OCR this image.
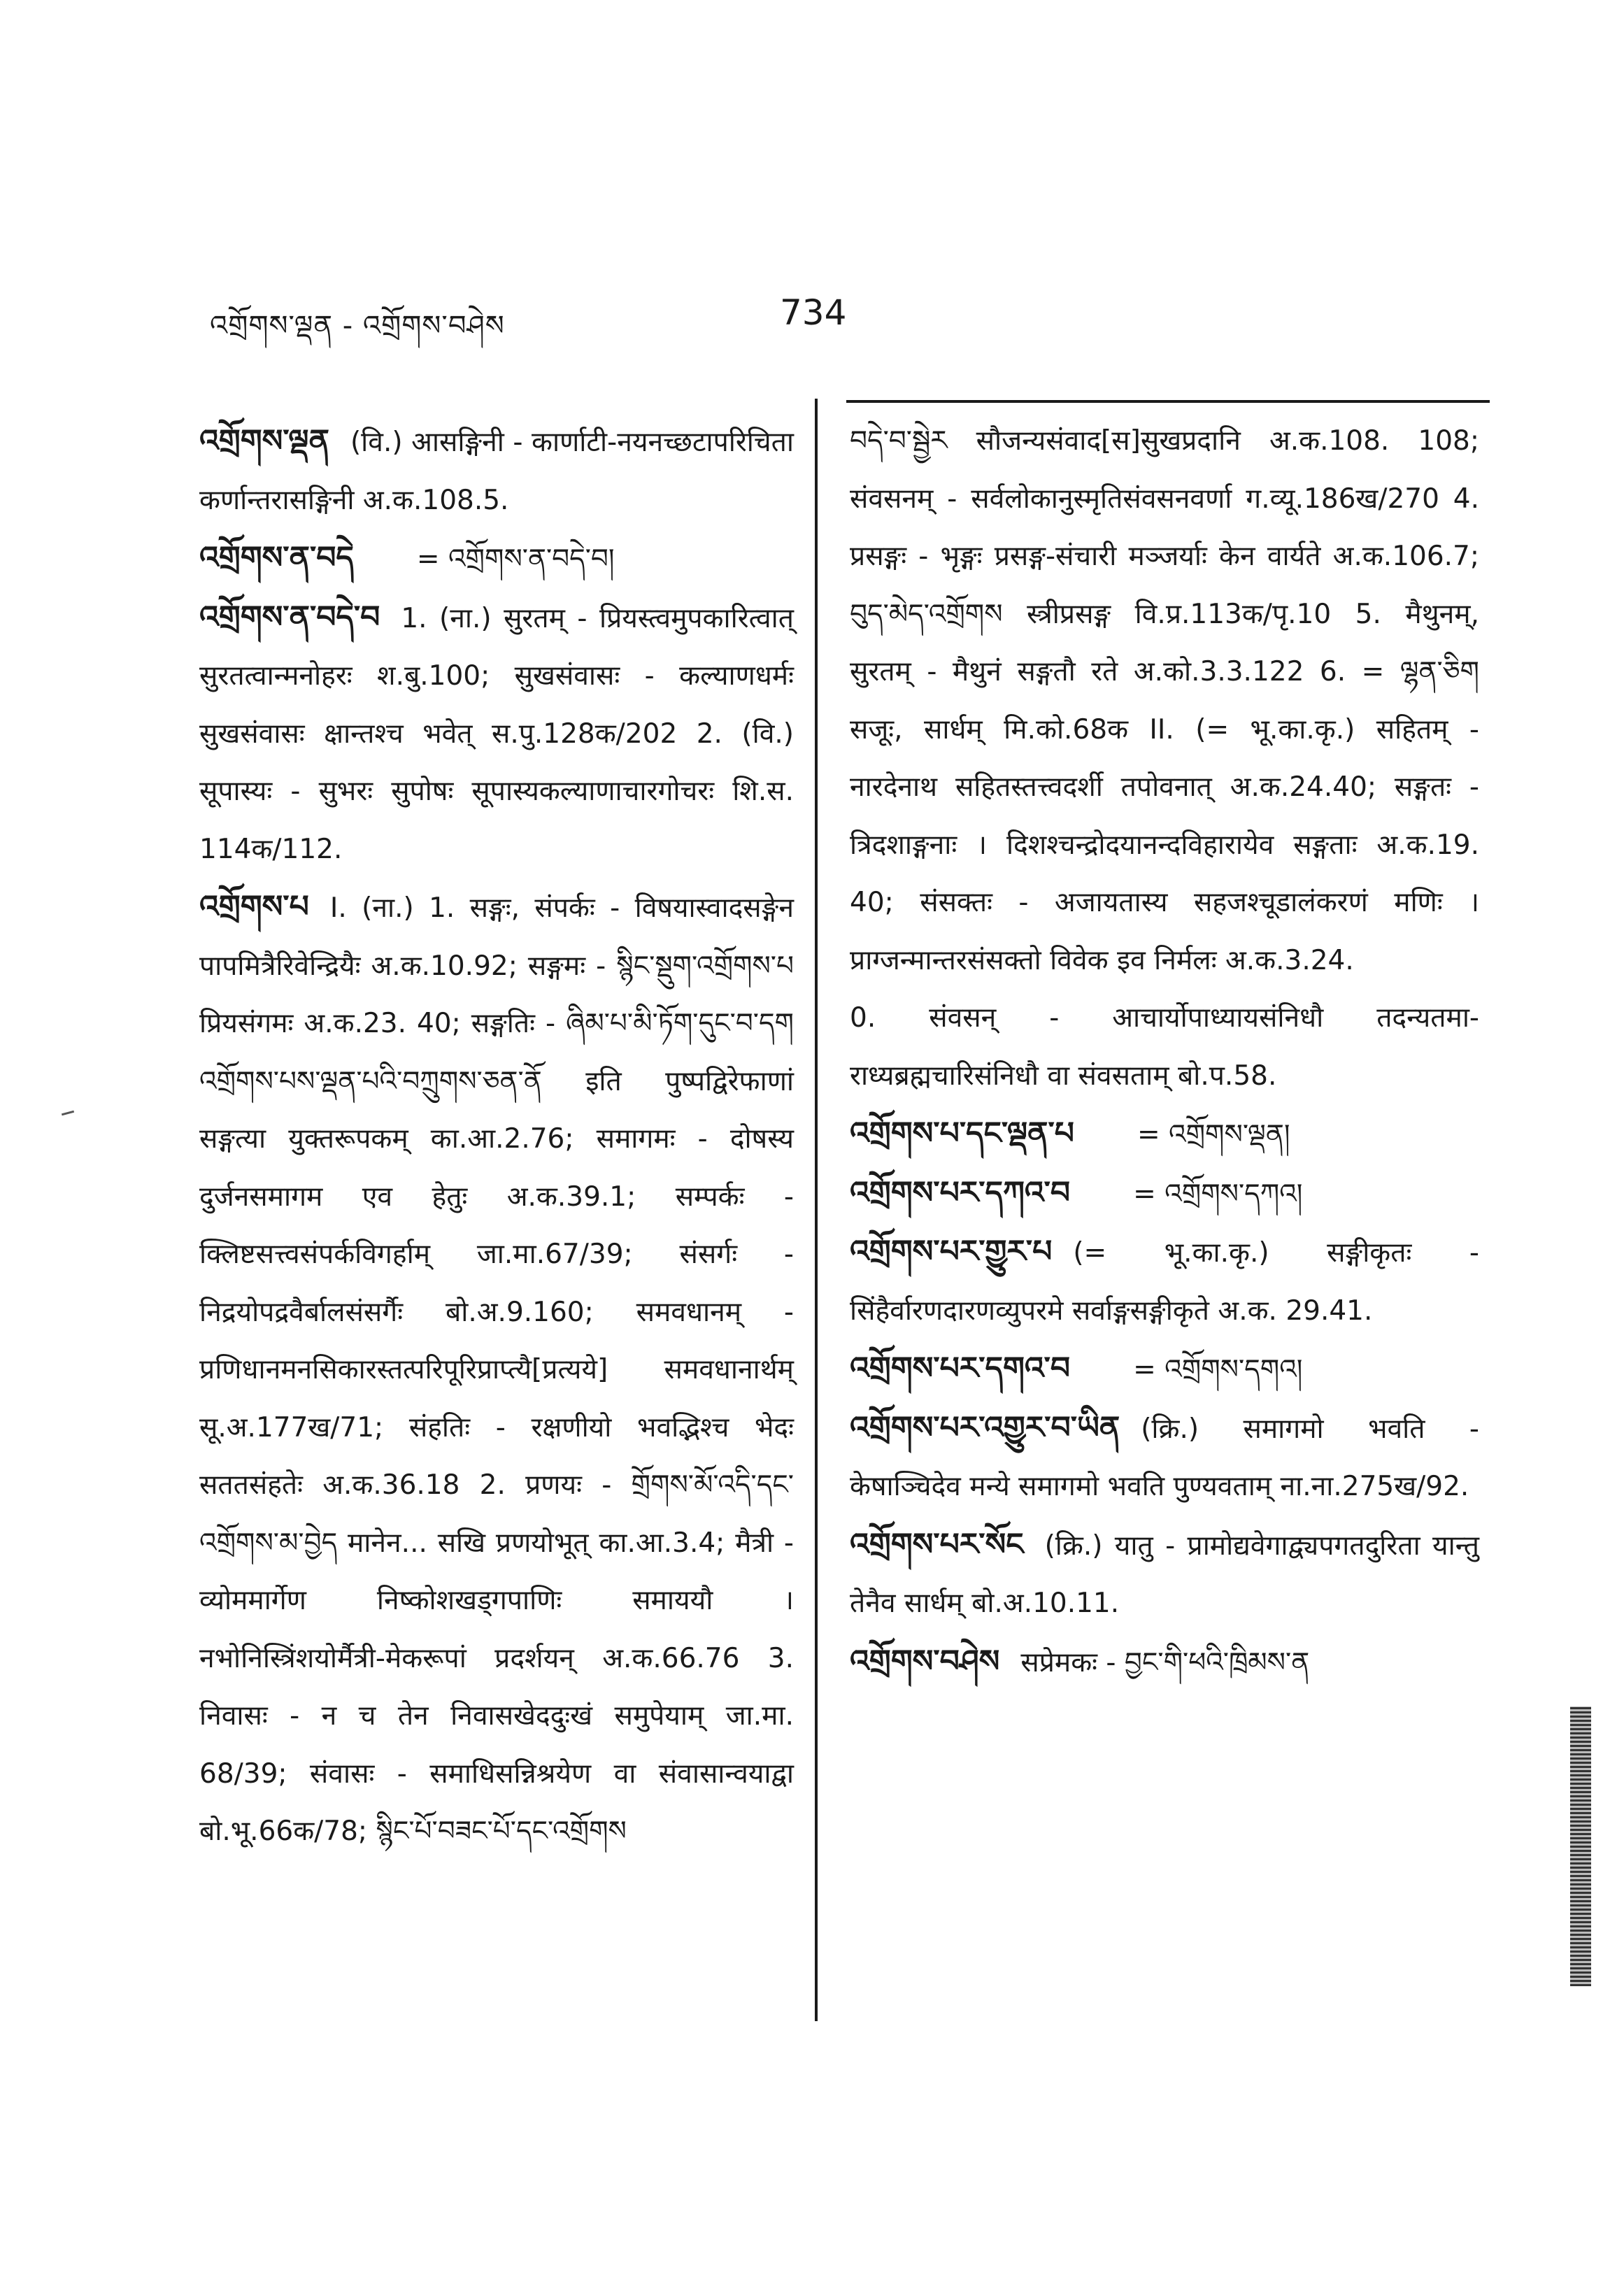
འགྲོགས་ལྡན - འགྲོགས་བཤེས	734

འགྲོགས་ལྡན (वि.) आसङ्गिनी - कार्णाटी-नयनच्छटापरिचिता कर्णान्तरासङ्गिनी अ.क.108.5.

འགྲོགས་ན་བདེ = འགྲོགས་ན་བདེ་བ།

འགྲོགས་ན་བདེ་བ 1. (ना.) सुरतम् - प्रियस्त्वमुपकारित्वात् सुरतत्वान्मनोहरः श.बु.100; सुखसंवासः - कल्याणधर्मः सुखसंवासः क्षान्तश्च भवेत् स.पु.128क/202 2. (वि.) सूपास्यः - सुभरः सुपोषः सूपास्यकल्याणाचारगोचरः शि.स. 114क/112.

འགྲོགས་པ I. (ना.) 1. सङ्गः, संपर्कः - विषयास्वादसङ्गेन पापमित्रैरिवेन्द्रियैः अ.क.10.92; सङ्गमः - སྙིང་སྡུག་འགྲོགས་པ प्रियसंगमः अ.क.23. 40; सङ्गतिः - ཞིམ་པ་མི་ཏོག་དུང་བ་དག འགྲོགས་པས་ལྡན་པའི་བཀྲུགས་ཅན་ནོ इति पुष्पद्विरेफाणां सङ्गत्या युक्तरूपकम् का.आ.2.76; समागमः - दोषस्य दुर्जनसमागम एव हेतुः अ.क.39.1; सम्पर्कः - क्लिष्टसत्त्वसंपर्कविगर्हाम् जा.मा.67/39; संसर्गः - निद्रयोपद्रवैर्बालसंसर्गैः बो.अ.9.160; समवधानम् - प्रणिधानमनसिकारस्तत्परिपूरिप्राप्त्यै[प्रत्यये] समवधानार्थम् सू.अ.177ख/71; संहतिः - रक्षणीयो भवद्भिश्च भेदः सततसंहतेः अ.क.36.18 2. प्रणयः - གྲོགས་མོ་འདི་དང་འགྲོགས་མ་བྱེད मानेन... सखि प्रणयोभूत् का.आ.3.4; मैत्री - व्योममार्गेण निष्कोशखड्गपाणिः समाययौ । नभोनिस्त्रिंशयोर्मैत्री-मेकरूपां प्रदर्शयन् अ.क.66.76 3. निवासः - न च तेन निवासखेददुःखं समुपेयाम् जा.मा. 68/39; संवासः - समाधिसन्निश्रयेण वा संवासान्वयाद्वा बो.भू.66क/78; སྙིང་པོ་བཟང་པོ་དང་འགྲོགས

བདེ་བ་སྦྱེར सौजन्यसंवाद[स]सुखप्रदानि अ.क.108. 108; संवसनम् - सर्वलोकानुस्मृतिसंवसनवर्णा ग.व्यू.186ख/270 4. प्रसङ्गः - भृङ्गः प्रसङ्ग-संचारी मञ्जर्याः केन वार्यते अ.क.106.7; བུད་མེད་འགྲོགས स्त्रीप्रसङ्ग वि.प्र.113क/पृ.10 5. मैथुनम्, सुरतम् - मैथुनं सङ्गतौ रते अ.को.3.3.122 6. = ལྷན་ཅིག सजूः, सार्धम् मि.को.68क II. (= भू.का.कृ.) सहितम् - नारदेनाथ सहितस्तत्त्वदर्शी तपोवनात् अ.क.24.40; सङ्गतः - त्रिदशाङ्गनाः । दिशश्चन्द्रोदयानन्दविहारायेव सङ्गताः अ.क.19. 40; संसक्तः - अजायतास्य सहजश्चूडालंकरणं मणिः । प्राग्जन्मान्तरसंसक्तो विवेक इव निर्मलः अ.क.3.24.

0. संवसन् - आचार्योपाध्यायसंनिधौ तदन्यतमा-राध्यब्रह्मचारिसंनिधौ वा संवसताम् बो.प.58.

འགྲོགས་པ་དང་ལྡན་པ = འགྲོགས་ལྡན།

འགྲོགས་པར་དཀའ་བ = འགྲོགས་དཀའ།

འགྲོགས་པར་གྱུར་པ (= भू.का.कृ.) सङ्गीकृतः - सिंहैर्वारणदारणव्युपरमे सर्वाङ्गसङ्गीकृते अ.क. 29.41.

འགྲོགས་པར་དགའ་བ = འགྲོགས་དགའ།

འགྲོགས་པར་འགྱུར་བ་ཡིན (क्रि.) समागमो भवति - केषाञ्चिदेव मन्ये समागमो भवति पुण्यवताम् ना.ना.275ख/92.

འགྲོགས་པར་སོང (क्रि.) यातु - प्रामोद्यवेगाद्व्यपगतदुरिता यान्तु तेनैव सार्धम् बो.अ.10.11.

འགྲོགས་བཤེས सप्रेमकः - བྱང་གི་ཕའི་ཁྲིམས་ན
